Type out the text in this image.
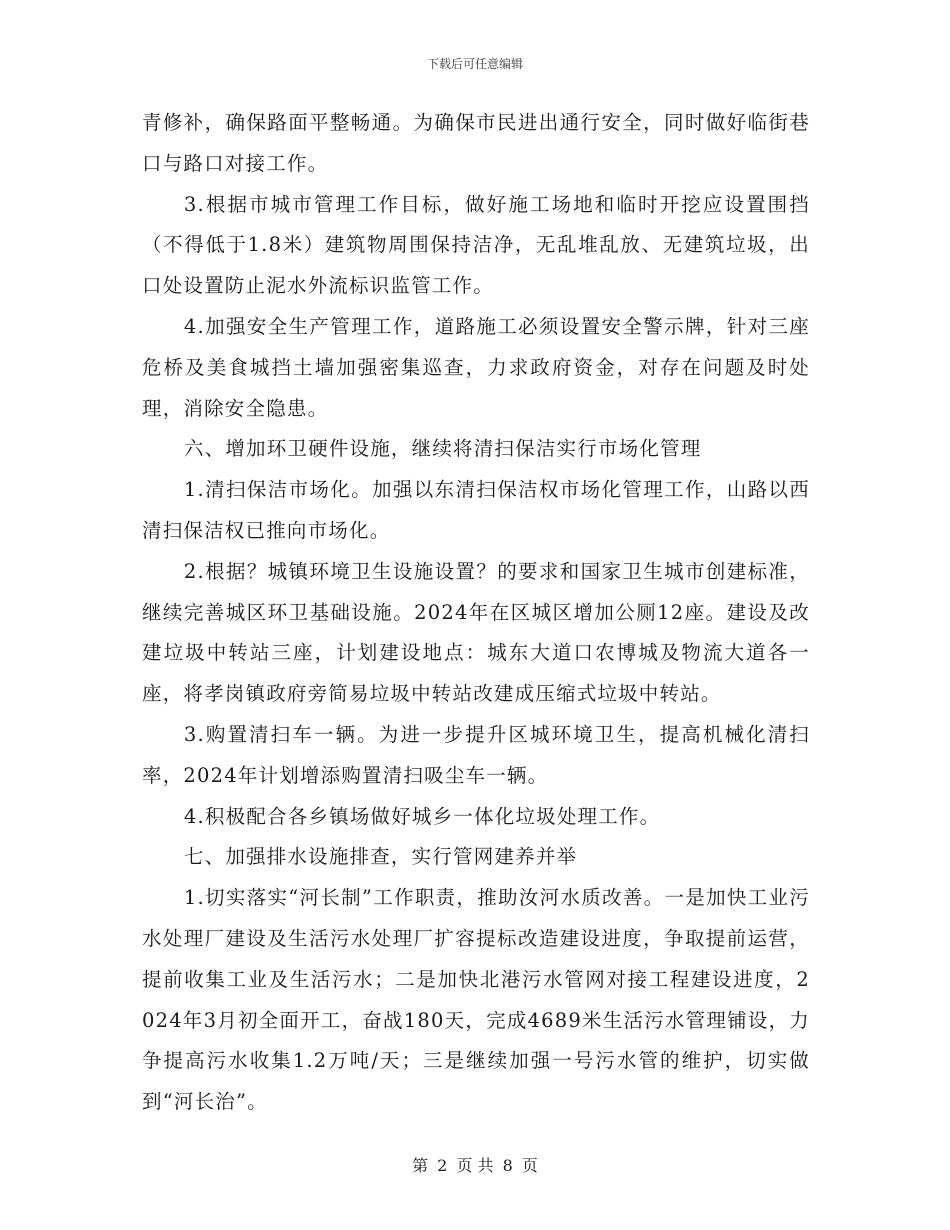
下载后可任意编辑

青修补，确保路面平整畅通。为确保市民进出通行安全，同时做好临街巷口与路口对接工作。

3.根据市城市管理工作目标，做好施工场地和临时开挖应设置围挡（不得低于1.8米）建筑物周围保持洁净，无乱堆乱放、无建筑垃圾，出口处设置防止泥水外流标识监管工作。

4.加强安全生产管理工作，道路施工必须设置安全警示牌，针对三座危桥及美食城挡土墙加强密集巡查，力求政府资金，对存在问题及时处理，消除安全隐患。

六、增加环卫硬件设施，继续将清扫保洁实行市场化管理

1.清扫保洁市场化。加强以东清扫保洁权市场化管理工作，山路以西清扫保洁权已推向市场化。

2.根据？城镇环境卫生设施设置？的要求和国家卫生城市创建标准，继续完善城区环卫基础设施。2024年在区城区增加公厕12座。建设及改建垃圾中转站三座，计划建设地点：城东大道口农博城及物流大道各一座，将孝岗镇政府旁简易垃圾中转站改建成压缩式垃圾中转站。

3.购置清扫车一辆。为进一步提升区城环境卫生，提高机械化清扫率，2024年计划增添购置清扫吸尘车一辆。

4.积极配合各乡镇场做好城乡一体化垃圾处理工作。

七、加强排水设施排查，实行管网建养并举

1.切实落实“河长制”工作职责，推助汝河水质改善。一是加快工业污水处理厂建设及生活污水处理厂扩容提标改造建设进度，争取提前运营，提前收集工业及生活污水；二是加快北港污水管网对接工程建设进度，2024年3月初全面开工，奋战180天，完成4689米生活污水管理铺设，力争提高污水收集1.2万吨/天；三是继续加强一号污水管的维护，切实做到“河长治”。

第 2 页 共 8 页
